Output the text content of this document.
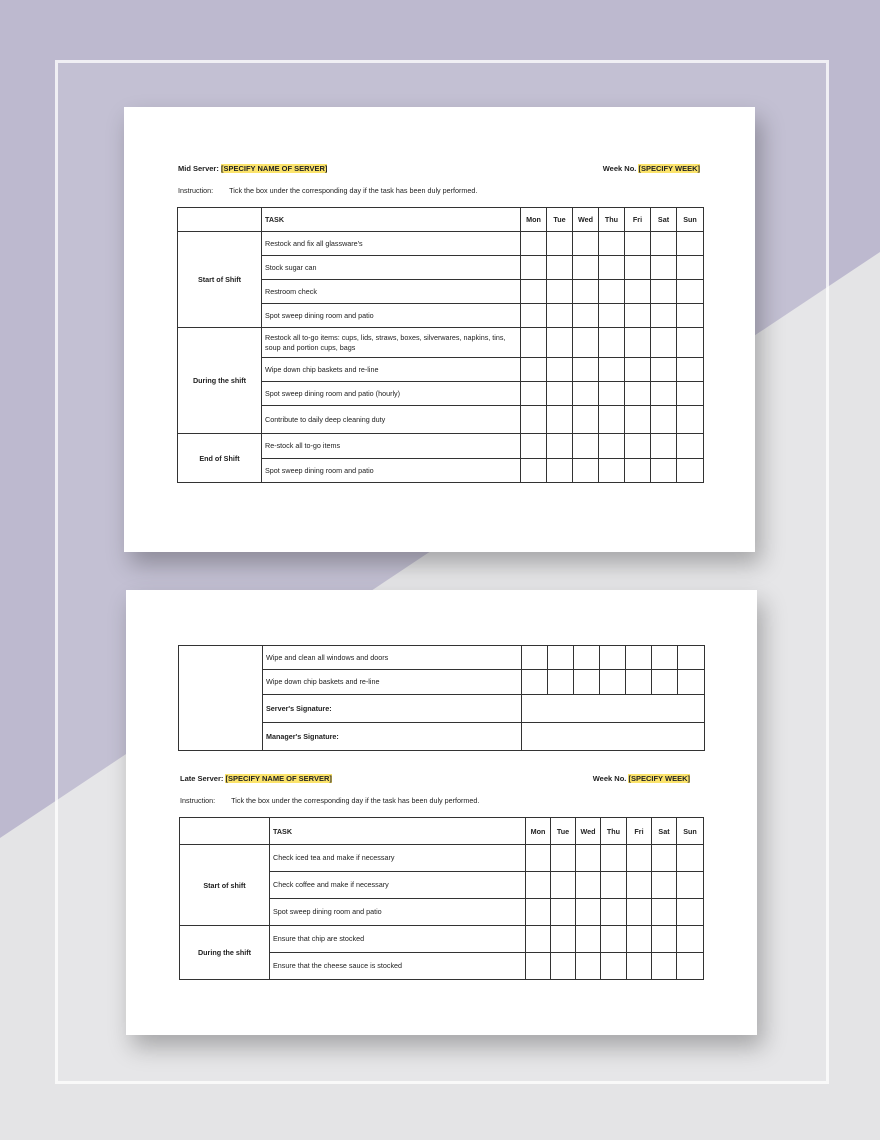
Mid Server: [SPECIFY NAME OF SERVER]	Week No. [SPECIFY WEEK]
Instruction: Tick the box under the corresponding day if the task has been duly performed.
	TASK	Mon	Tue	Wed	Thu	Fri	Sat	Sun
Start of Shift	Restock and fix all glassware's							
	Stock sugar can							
	Restroom check							
	Spot sweep dining room and patio							
During the shift	Restock all to-go items: cups, lids, straws, boxes, silverwares, napkins, tins, soup and portion cups, bags							
	Wipe down chip baskets and re-line							
	Spot sweep dining room and patio (hourly)							
	Contribute to daily deep cleaning duty							
End of Shift	Re-stock all to-go items							
	Spot sweep dining room and patio							
	Wipe and clean all windows and doors							
	Wipe down chip baskets and re-line							
	Server's Signature:							
	Manager's Signature:							
Late Server: [SPECIFY NAME OF SERVER]	Week No. [SPECIFY WEEK]
Instruction: Tick the box under the corresponding day if the task has been duly performed.
	TASK	Mon	Tue	Wed	Thu	Fri	Sat	Sun
Start of shift	Check iced tea and make if necessary							
	Check coffee and make if necessary							
	Spot sweep dining room and patio							
During the shift	Ensure that chip are stocked							
	Ensure that the cheese sauce is stocked							
